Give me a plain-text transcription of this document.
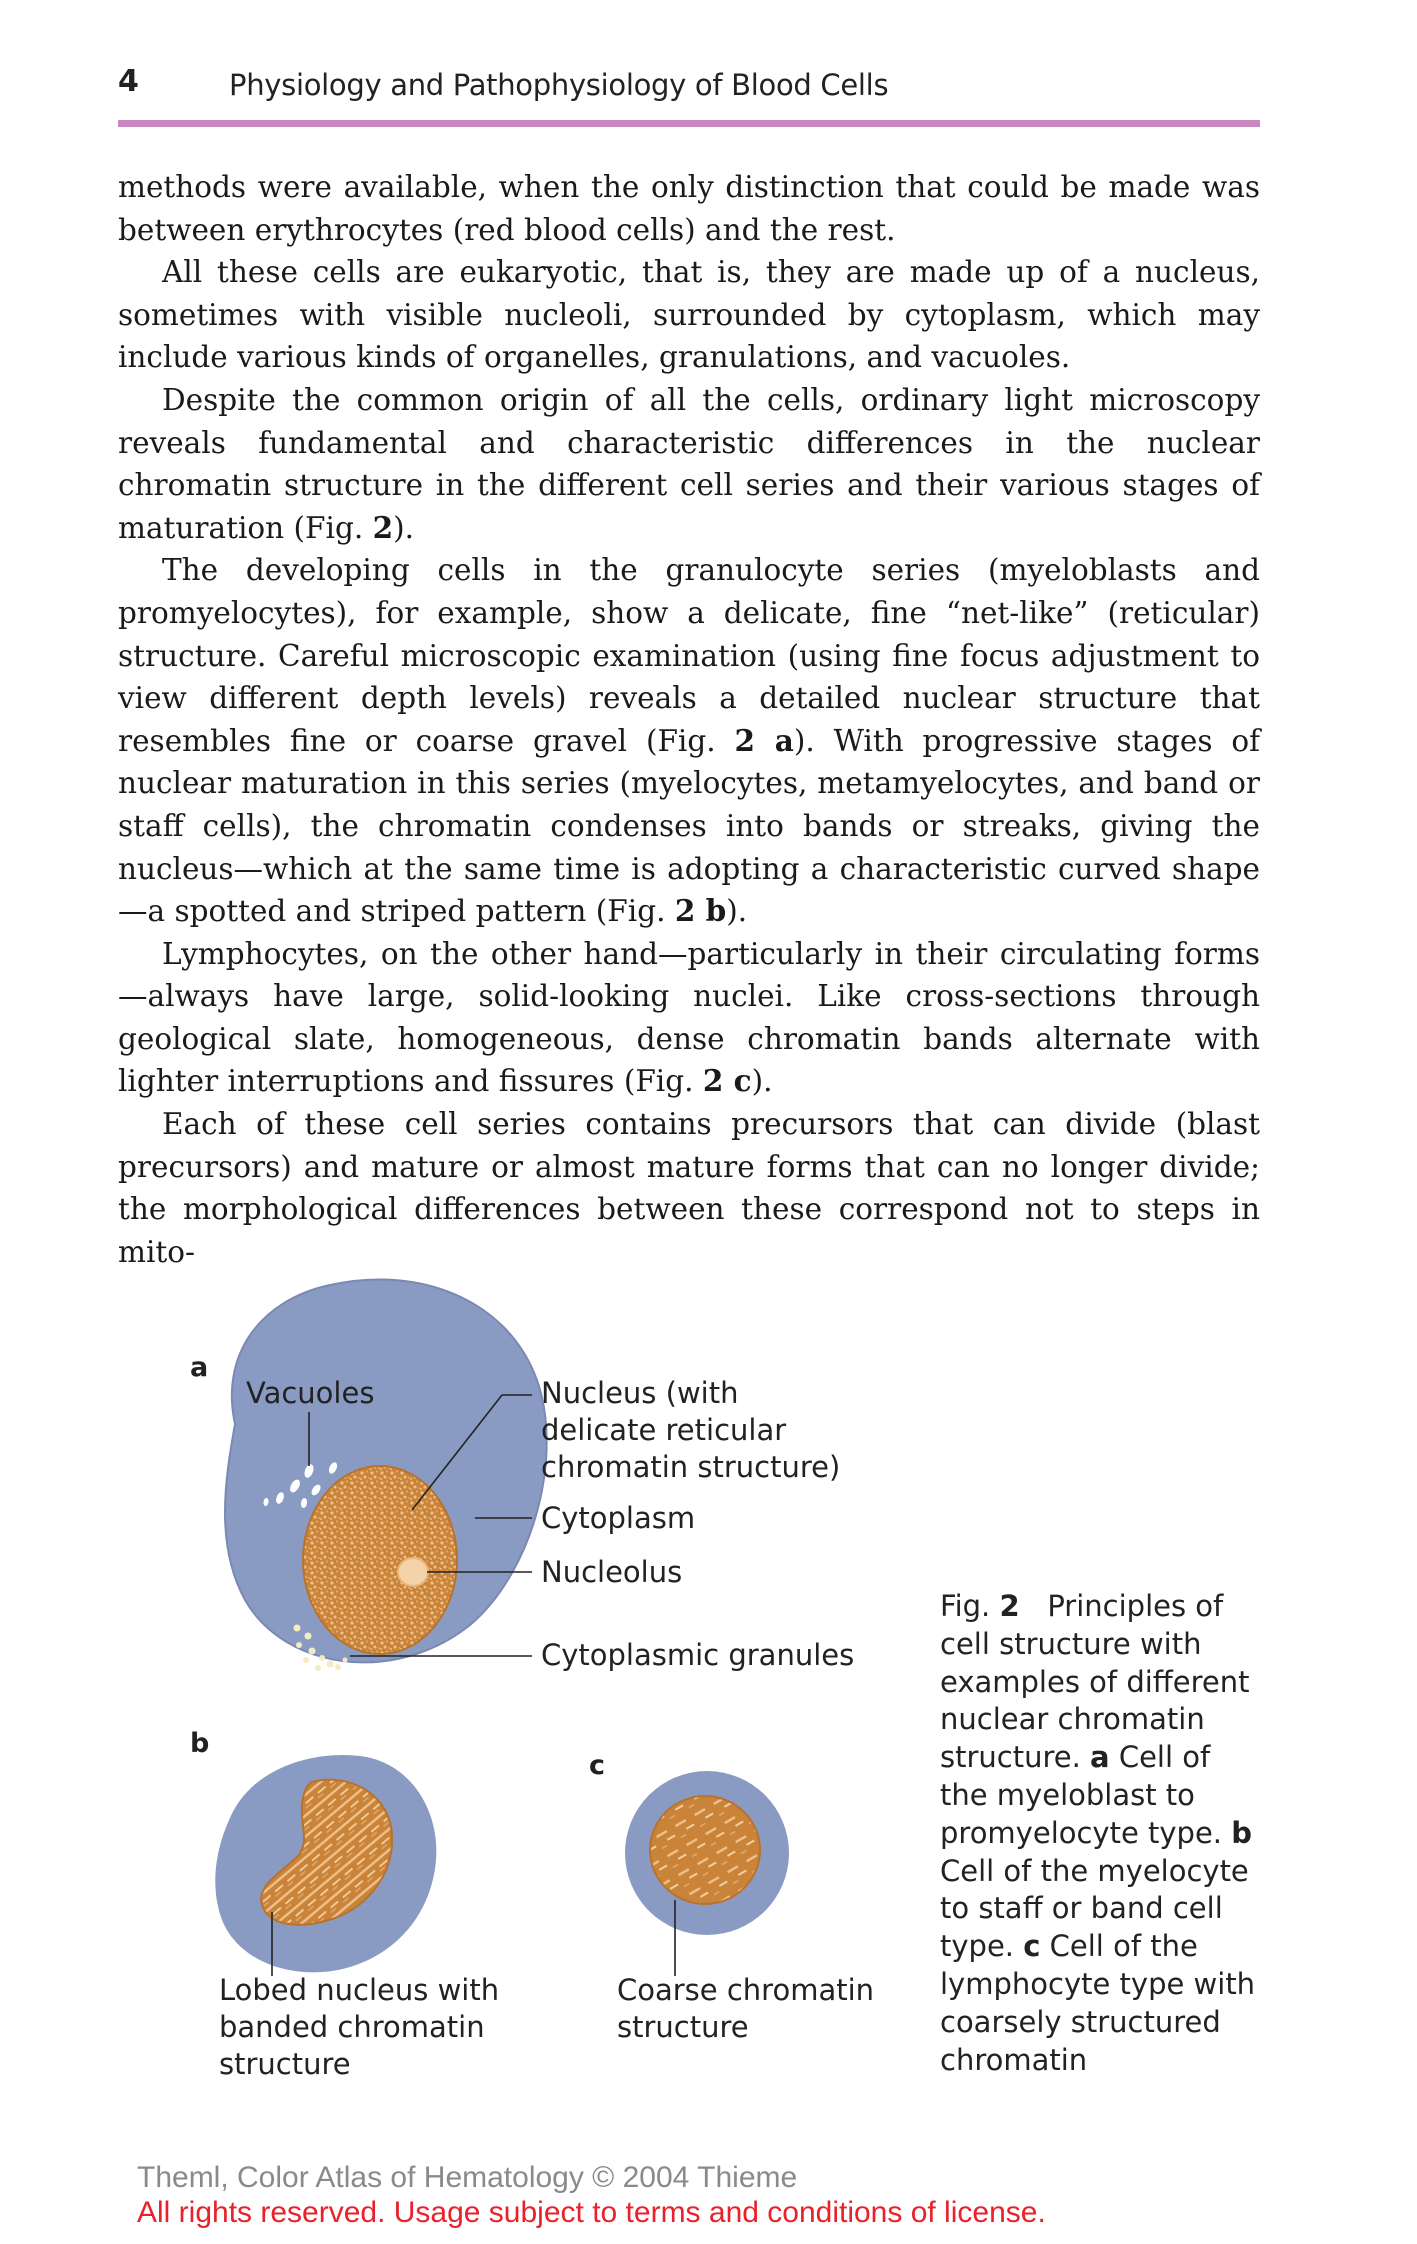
4	Physiology and Pathophysiology of Blood Cells

methods were available, when the only distinction that could be made was between erythrocytes (red blood cells) and the rest.

All these cells are eukaryotic, that is, they are made up of a nucleus, sometimes with visible nucleoli, surrounded by cytoplasm, which may include various kinds of organelles, granulations, and vacuoles.

Despite the common origin of all the cells, ordinary light microscopy reveals fundamental and characteristic differences in the nuclear chromatin structure in the different cell series and their various stages of maturation (Fig. 2).

The developing cells in the granulocyte series (myeloblasts and promyelocytes), for example, show a delicate, fine “net-like” (reticular) structure. Careful microscopic examination (using fine focus adjustment to view different depth levels) reveals a detailed nuclear structure that resembles fine or coarse gravel (Fig. 2 a). With progressive stages of nuclear maturation in this series (myelocytes, metamyelocytes, and band or staff cells), the chromatin condenses into bands or streaks, giving the nucleus—which at the same time is adopting a characteristic curved shape—a spotted and striped pattern (Fig. 2 b).

Lymphocytes, on the other hand—particularly in their circulating forms—always have large, solid-looking nuclei. Like cross-sections through geological slate, homogeneous, dense chromatin bands alternate with lighter interruptions and fissures (Fig. 2 c).

Each of these cell series contains precursors that can divide (blast precursors) and mature or almost mature forms that can no longer divide; the morphological differences between these correspond not to steps in mito-

a
Vacuoles	Nucleus (with
delicate reticular
chromatin structure)
Cytoplasm
Nucleolus
Cytoplasmic granules
b
Lobed nucleus with
banded chromatin
structure
c
Coarse chromatin
structure
Fig. 2 Principles of cell structure with examples of different nuclear chromatin structure. a Cell of the myeloblast to promyelocyte type. b Cell of the myelocyte to staff or band cell type. c Cell of the lymphocyte type with coarsely structured chromatin
Theml, Color Atlas of Hematology © 2004 Thieme
All rights reserved. Usage subject to terms and conditions of license.
